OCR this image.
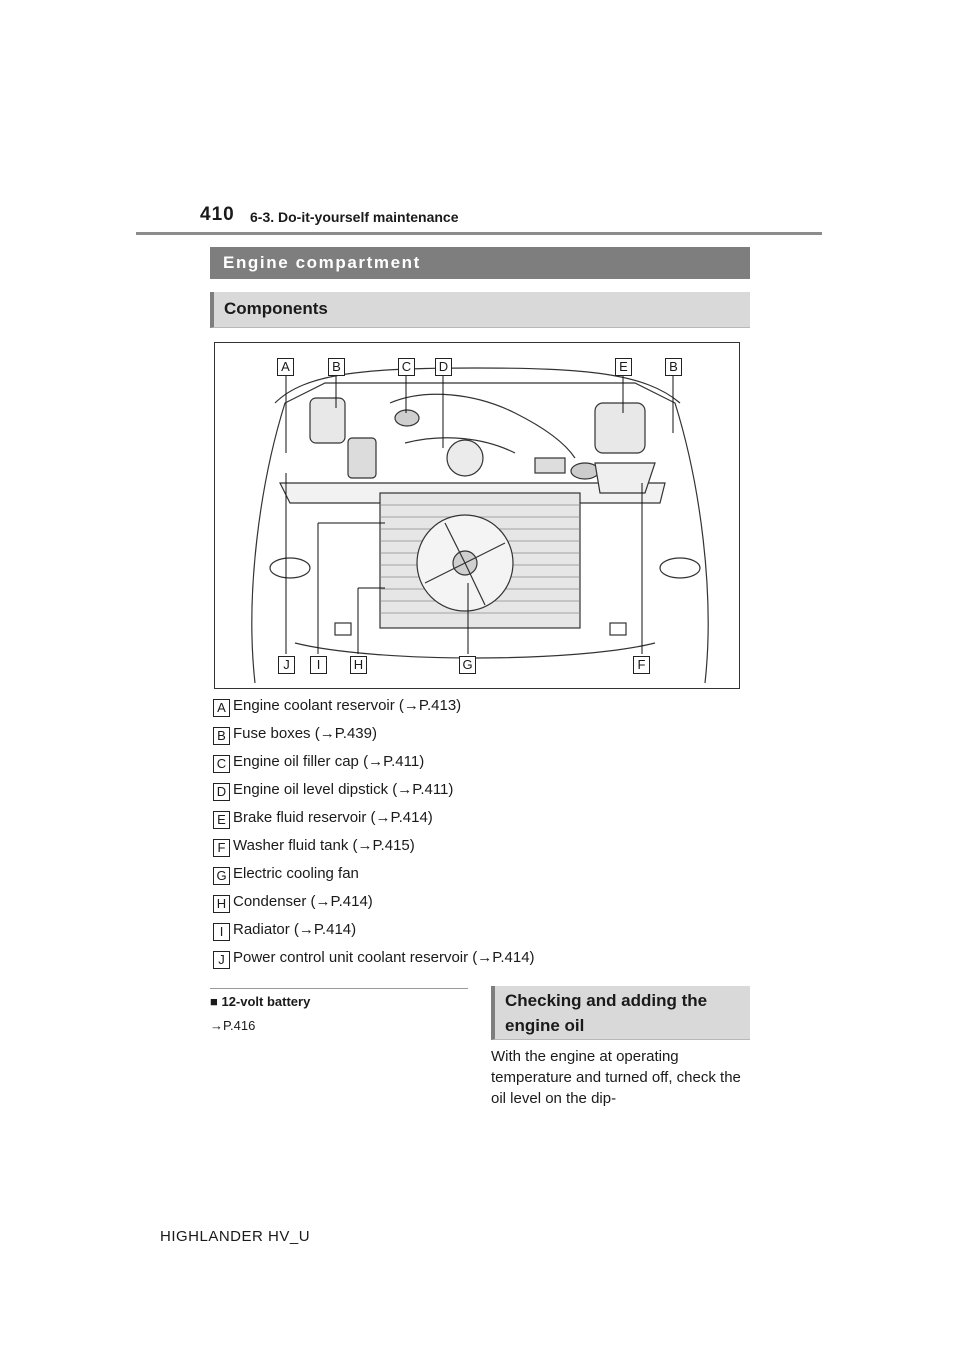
410 6-3. Do-it-yourself maintenance
Engine compartment
Components
A	B	C D	E	B
J	I	H	G	F
A Engine coolant reservoir (→P.413)
B Fuse boxes (→P.439)
C Engine oil filler cap (→P.411)
D Engine oil level dipstick (→P.411)
E Brake fluid reservoir (→P.414)
F Washer fluid tank (→P.415)
G Electric cooling fan
H Condenser (→P.414)
I Radiator (→P.414)
J Power control unit coolant reservoir (→P.414)
■ 12-volt battery
→P.416
Checking and adding the engine oil
With the engine at operating temperature and turned off, check the oil level on the dip-
HIGHLANDER HV_U
